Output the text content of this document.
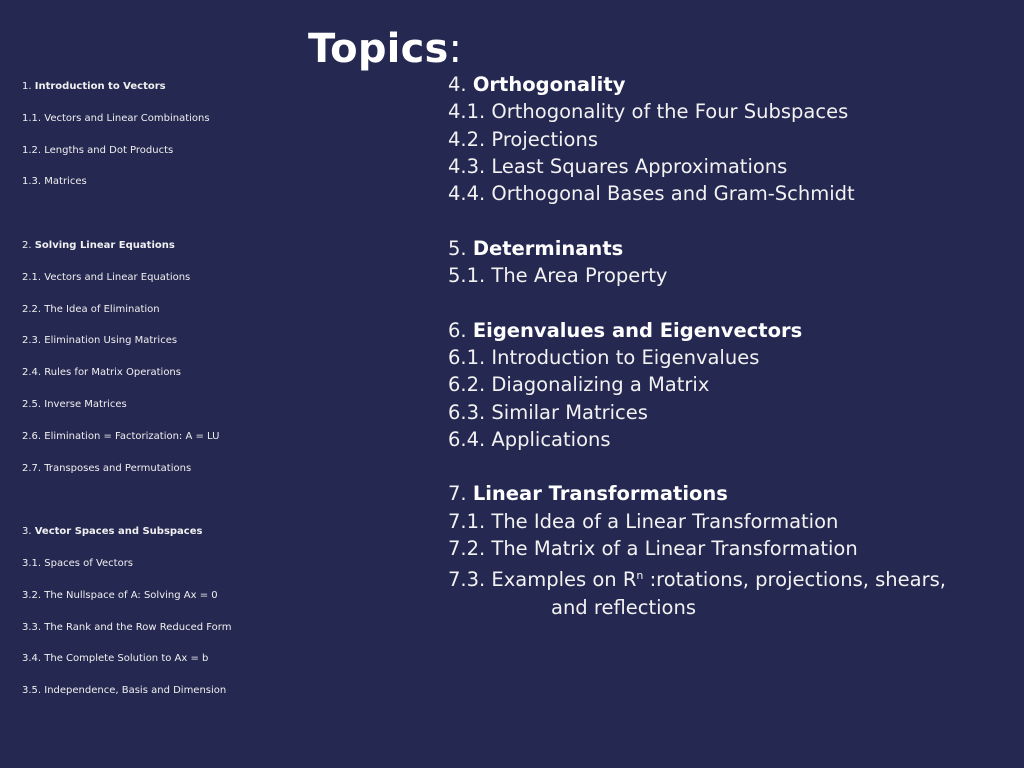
Topics:
1. Introduction to Vectors
1.1. Vectors and Linear Combinations
1.2. Lengths and Dot Products
1.3. Matrices
2. Solving Linear Equations
2.1. Vectors and Linear Equations
2.2. The Idea of Elimination
2.3. Elimination Using Matrices
2.4. Rules for Matrix Operations
2.5. Inverse Matrices
2.6. Elimination = Factorization: A = LU
2.7. Transposes and Permutations
3. Vector Spaces and Subspaces
3.1. Spaces of Vectors
3.2. The Nullspace of A: Solving Ax = 0
3.3. The Rank and the Row Reduced Form
3.4. The Complete Solution to Ax = b
3.5. Independence, Basis and Dimension
4. Orthogonality
4.1. Orthogonality of the Four Subspaces
4.2. Projections
4.3. Least Squares Approximations
4.4. Orthogonal Bases and Gram-Schmidt
5. Determinants
5.1. The Area Property
6. Eigenvalues and Eigenvectors
6.1. Introduction to Eigenvalues
6.2. Diagonalizing a Matrix
6.3. Similar Matrices
6.4. Applications
7. Linear Transformations
7.1. The Idea of a Linear Transformation
7.2. The Matrix of a Linear Transformation
7.3. Examples on $R^n$ :rotations, projections, shears,
and reflections
